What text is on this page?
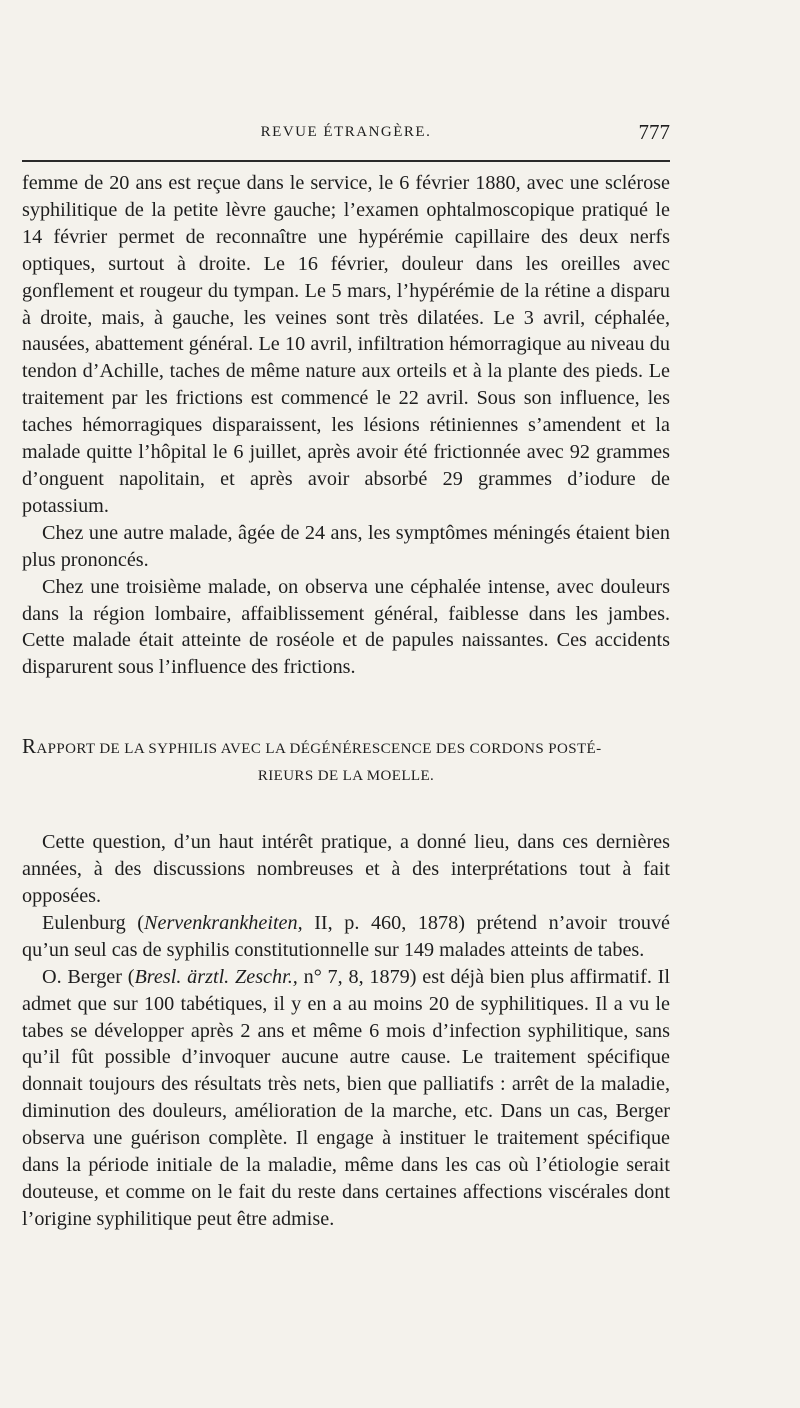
REVUE ÉTRANGÈRE.	777

femme de 20 ans est reçue dans le service, le 6 février 1880, avec une sclérose syphilitique de la petite lèvre gauche; l’examen ophtalmoscopique pratiqué le 14 février permet de reconnaître une hypérémie capillaire des deux nerfs optiques, surtout à droite. Le 16 février, douleur dans les oreilles avec gonflement et rougeur du tympan. Le 5 mars, l’hypérémie de la rétine a disparu à droite, mais, à gauche, les veines sont très dilatées. Le 3 avril, céphalée, nausées, abattement général. Le 10 avril, infiltration hémorragique au niveau du tendon d’Achille, taches de même nature aux orteils et à la plante des pieds. Le traitement par les frictions est commencé le 22 avril. Sous son influence, les taches hémorragiques disparaissent, les lésions rétiniennes s’amendent et la malade quitte l’hôpital le 6 juillet, après avoir été frictionnée avec 92 grammes d’onguent napolitain, et après avoir absorbé 29 grammes d’iodure de potassium.

Chez une autre malade, âgée de 24 ans, les symptômes méningés étaient bien plus prononcés.

Chez une troisième malade, on observa une céphalée intense, avec douleurs dans la région lombaire, affaiblissement général, faiblesse dans les jambes. Cette malade était atteinte de roséole et de papules naissantes. Ces accidents disparurent sous l’influence des frictions.

RAPPORT DE LA SYPHILIS AVEC LA DÉGÉNÉRESCENCE DES CORDONS POSTÉ-
RIEURS DE LA MOELLE.

Cette question, d’un haut intérêt pratique, a donné lieu, dans ces dernières années, à des discussions nombreuses et à des interprétations tout à fait opposées.

Eulenburg (Nervenkrankheiten, II, p. 460, 1878) prétend n’avoir trouvé qu’un seul cas de syphilis constitutionnelle sur 149 malades atteints de tabes.

O. Berger (Bresl. ärztl. Zeschr., n° 7, 8, 1879) est déjà bien plus affirmatif. Il admet que sur 100 tabétiques, il y en a au moins 20 de syphilitiques. Il a vu le tabes se développer après 2 ans et même 6 mois d’infection syphilitique, sans qu’il fût possible d’invoquer aucune autre cause. Le traitement spécifique donnait toujours des résultats très nets, bien que palliatifs : arrêt de la maladie, diminution des douleurs, amélioration de la marche, etc. Dans un cas, Berger observa une guérison complète. Il engage à instituer le traitement spécifique dans la période initiale de la maladie, même dans les cas où l’étiologie serait douteuse, et comme on le fait du reste dans certaines affections viscérales dont l’origine syphilitique peut être admise.
